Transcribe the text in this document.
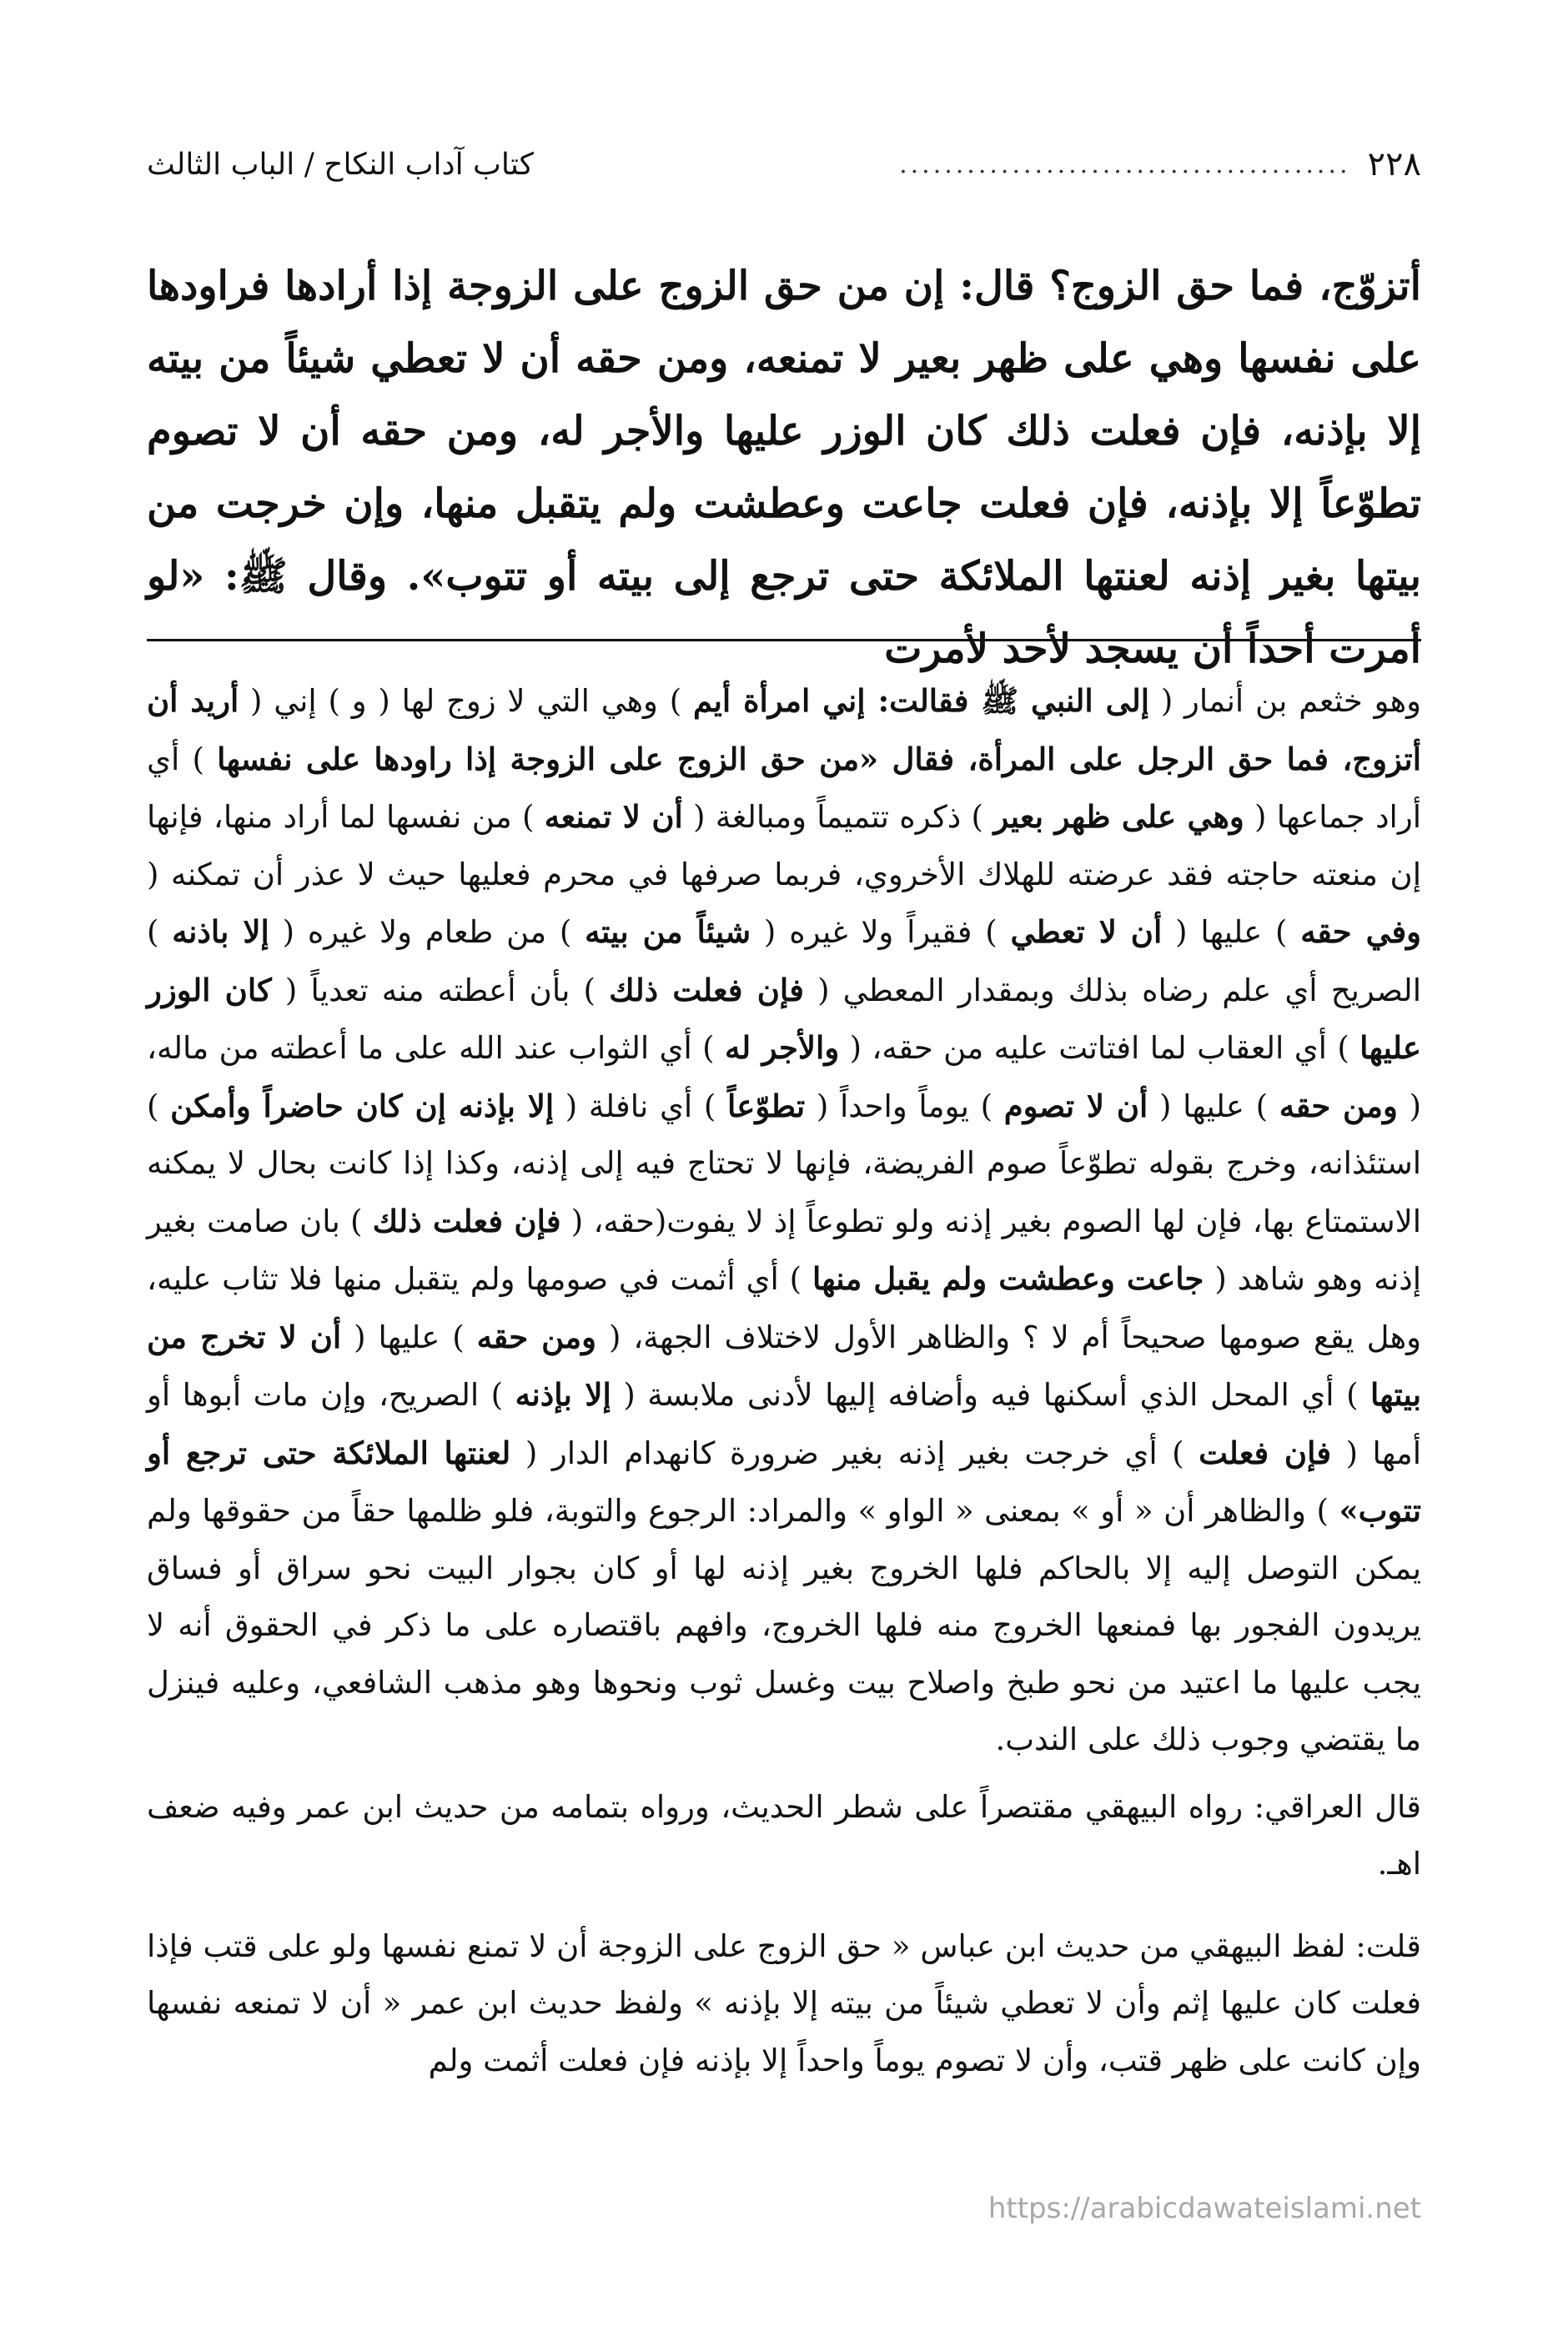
٢٢٨
........................................
كتاب آداب النكاح / الباب الثالث

أتزوّج، فما حق الزوج؟ قال: إن من حق الزوج على الزوجة إذا أرادها فراودها على نفسها وهي على ظهر بعير لا تمنعه، ومن حقه أن لا تعطي شيئاً من بيته إلا بإذنه، فإن فعلت ذلك كان الوزر عليها والأجر له، ومن حقه أن لا تصوم تطوّعاً إلا بإذنه، فإن فعلت جاعت وعطشت ولم يتقبل منها، وإن خرجت من بيتها بغير إذنه لعنتها الملائكة حتى ترجع إلى بيته أو تتوب». وقال ﷺ: «لو أمرت أحداً أن يسجد لأحد لأمرت

وهو خثعم بن أنمار ( إلى النبي ﷺ فقالت: إني امرأة أيم ) وهي التي لا زوج لها ( و ) إني ( أريد أن أتزوج، فما حق الرجل على المرأة، فقال «من حق الزوج على الزوجة إذا راودها على نفسها ) أي أراد جماعها ( وهي على ظهر بعير ) ذكره تتميماً ومبالغة ( أن لا تمنعه ) من نفسها لما أراد منها، فإنها إن منعته حاجته فقد عرضته للهلاك الأخروي، فربما صرفها في محرم فعليها حيث لا عذر أن تمكنه ( وفي حقه ) عليها ( أن لا تعطي ) فقيراً ولا غيره ( شيئاً من بيته ) من طعام ولا غيره ( إلا باذنه ) الصريح أي علم رضاه بذلك وبمقدار المعطي ( فإن فعلت ذلك ) بأن أعطته منه تعدياً ( كان الوزر عليها ) أي العقاب لما افتاتت عليه من حقه، ( والأجر له ) أي الثواب عند الله على ما أعطته من ماله، ( ومن حقه ) عليها ( أن لا تصوم ) يوماً واحداً ( تطوّعاً ) أي نافلة ( إلا بإذنه إن كان حاضراً وأمكن ) استئذانه، وخرج بقوله تطوّعاً صوم الفريضة، فإنها لا تحتاج فيه إلى إذنه، وكذا إذا كانت بحال لا يمكنه الاستمتاع بها، فإن لها الصوم بغير إذنه ولو تطوعاً إذ لا يفوت(حقه، ( فإن فعلت ذلك ) بان صامت بغير إذنه وهو شاهد ( جاعت وعطشت ولم يقبل منها ) أي أثمت في صومها ولم يتقبل منها فلا تثاب عليه، وهل يقع صومها صحيحاً أم لا ؟ والظاهر الأول لاختلاف الجهة، ( ومن حقه ) عليها ( أن لا تخرج من بيتها ) أي المحل الذي أسكنها فيه وأضافه إليها لأدنى ملابسة ( إلا بإذنه ) الصريح، وإن مات أبوها أو أمها ( فإن فعلت ) أي خرجت بغير إذنه بغير ضرورة كانهدام الدار ( لعنتها الملائكة حتى ترجع أو تتوب» ) والظاهر أن « أو » بمعنى « الواو » والمراد: الرجوع والتوبة، فلو ظلمها حقاً من حقوقها ولم يمكن التوصل إليه إلا بالحاكم فلها الخروج بغير إذنه لها أو كان بجوار البيت نحو سراق أو فساق يريدون الفجور بها فمنعها الخروج منه فلها الخروج، وافهم باقتصاره على ما ذكر في الحقوق أنه لا يجب عليها ما اعتيد من نحو طبخ واصلاح بيت وغسل ثوب ونحوها وهو مذهب الشافعي، وعليه فينزل ما يقتضي وجوب ذلك على الندب.

قال العراقي: رواه البيهقي مقتصراً على شطر الحديث، ورواه بتمامه من حديث ابن عمر وفيه ضعف اهـ.

قلت: لفظ البيهقي من حديث ابن عباس « حق الزوج على الزوجة أن لا تمنع نفسها ولو على قتب فإذا فعلت كان عليها إثم وأن لا تعطي شيئاً من بيته إلا بإذنه » ولفظ حديث ابن عمر « أن لا تمنعه نفسها وإن كانت على ظهر قتب، وأن لا تصوم يوماً واحداً إلا بإذنه فإن فعلت أثمت ولم

https://arabicdawateislami.net
